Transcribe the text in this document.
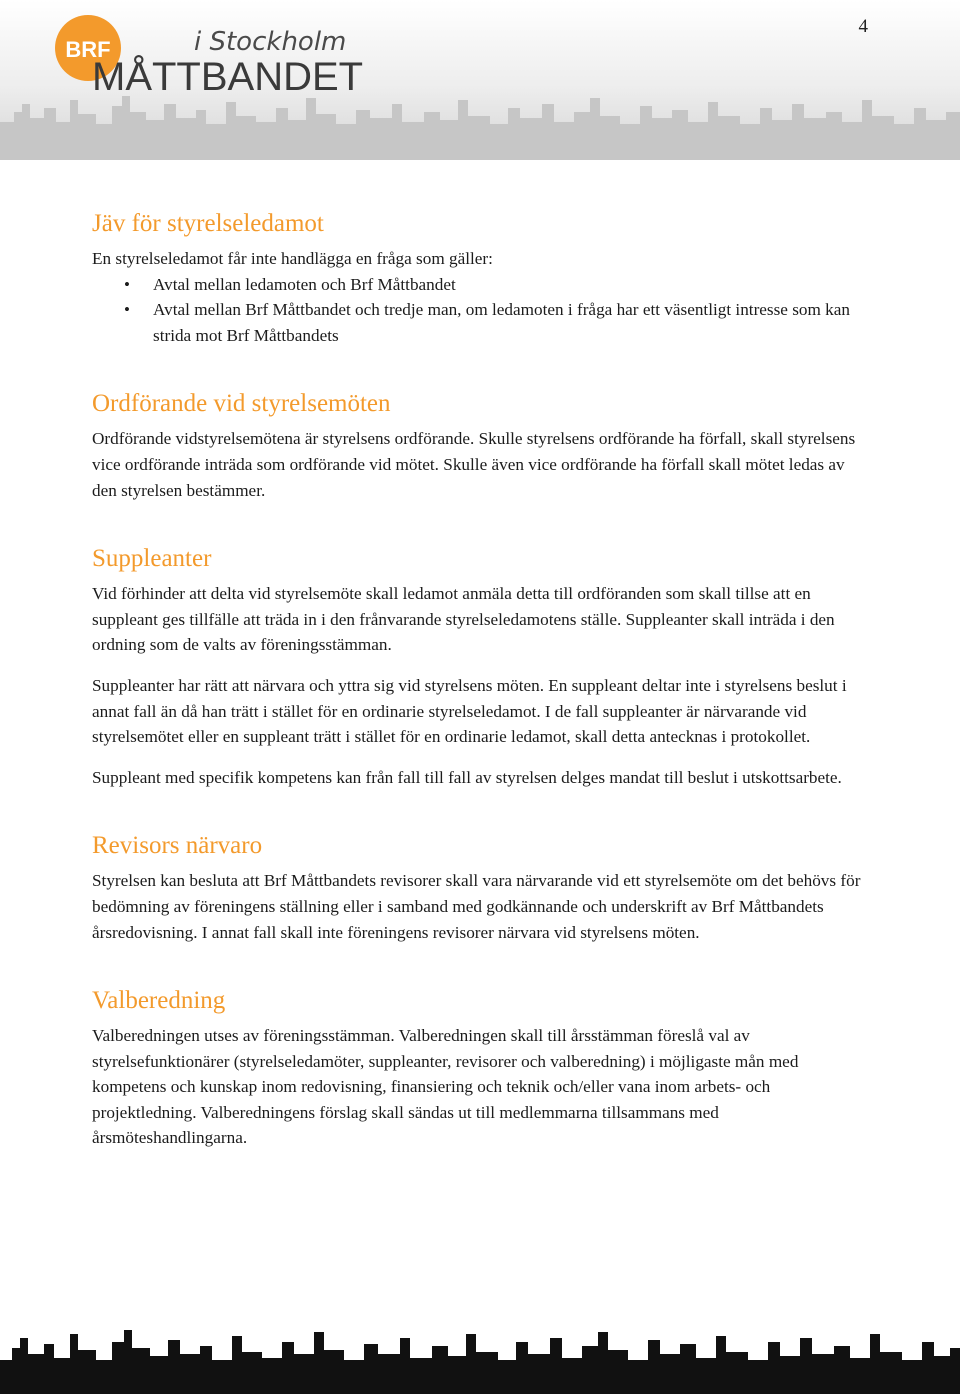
BRF	i Stockholm
MÅTTBANDET
4
Jäv för styrelseledamot

En styrelseledamot får inte handlägga en fråga som gäller:

• Avtal mellan ledamoten och Brf Måttbandet
• Avtal mellan Brf Måttbandet och tredje man, om ledamoten i fråga har ett väsentligt intresse som kan strida mot Brf Måttbandets
Ordförande vid styrelsemöten

Ordförande vidstyrelsemötena är styrelsens ordförande. Skulle styrelsens ordförande ha förfall, skall styrelsens vice ordförande inträda som ordförande vid mötet. Skulle även vice ordförande ha förfall skall mötet ledas av den styrelsen bestämmer.

Suppleanter

Vid förhinder att delta vid styrelsemöte skall ledamot anmäla detta till ordföranden som skall tillse att en suppleant ges tillfälle att träda in i den frånvarande styrelseledamotens ställe. Suppleanter skall inträda i den ordning som de valts av föreningsstämman.

Suppleanter har rätt att närvara och yttra sig vid styrelsens möten. En suppleant deltar inte i styrelsens beslut i annat fall än då han trätt i stället för en ordinarie styrelseledamot. I de fall suppleanter är närvarande vid styrelsemötet eller en suppleant trätt i stället för en ordinarie ledamot, skall detta antecknas i protokollet.

Suppleant med specifik kompetens kan från fall till fall av styrelsen delges mandat till beslut i utskottsarbete.

Revisors närvaro

Styrelsen kan besluta att Brf Måttbandets revisorer skall vara närvarande vid ett styrelsemöte om det behövs för bedömning av föreningens ställning eller i samband med godkännande och underskrift av Brf Måttbandets årsredovisning. I annat fall skall inte föreningens revisorer närvara vid styrelsens möten.

Valberedning

Valberedningen utses av föreningsstämman. Valberedningen skall till årsstämman föreslå val av styrelsefunktionärer (styrelseledamöter, suppleanter, revisorer och valberedning) i möjligaste mån med kompetens och kunskap inom redovisning, finansiering och teknik och/eller vana inom arbets- och projektledning. Valberedningens förslag skall sändas ut till medlemmarna tillsammans med årsmöteshandlingarna.
